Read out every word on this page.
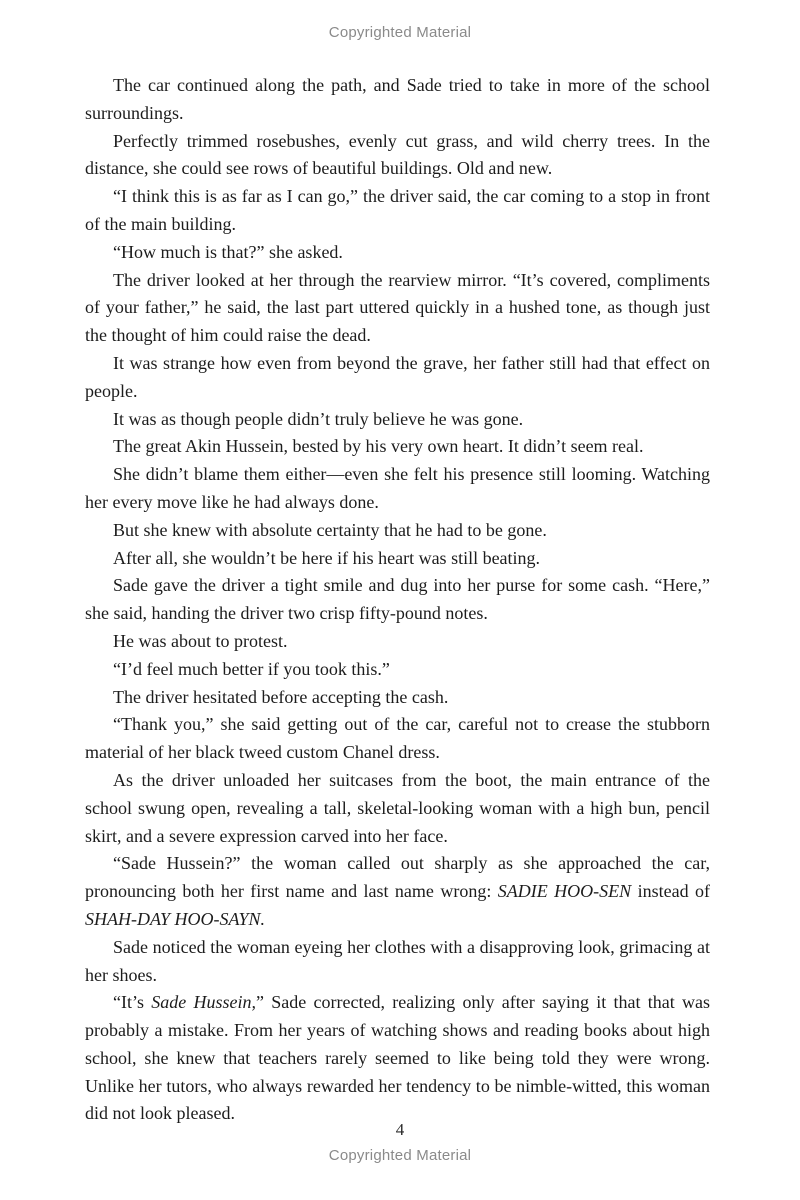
Copyrighted Material

The car continued along the path, and Sade tried to take in more of the school surroundings.

Perfectly trimmed rosebushes, evenly cut grass, and wild cherry trees. In the distance, she could see rows of beautiful buildings. Old and new.

“I think this is as far as I can go,” the driver said, the car coming to a stop in front of the main building.

“How much is that?” she asked.

The driver looked at her through the rearview mirror. “It’s covered, compliments of your father,” he said, the last part uttered quickly in a hushed tone, as though just the thought of him could raise the dead.

It was strange how even from beyond the grave, her father still had that effect on people.

It was as though people didn’t truly believe he was gone.

The great Akin Hussein, bested by his very own heart. It didn’t seem real.

She didn’t blame them either—even she felt his presence still looming. Watching her every move like he had always done.

But she knew with absolute certainty that he had to be gone.

After all, she wouldn’t be here if his heart was still beating.

Sade gave the driver a tight smile and dug into her purse for some cash. “Here,” she said, handing the driver two crisp fifty-pound notes.

He was about to protest.

“I’d feel much better if you took this.”

The driver hesitated before accepting the cash.

“Thank you,” she said getting out of the car, careful not to crease the stubborn material of her black tweed custom Chanel dress.

As the driver unloaded her suitcases from the boot, the main entrance of the school swung open, revealing a tall, skeletal-looking woman with a high bun, pencil skirt, and a severe expression carved into her face.

“Sade Hussein?” the woman called out sharply as she approached the car, pronouncing both her first name and last name wrong: SADIE HOO-SEN instead of SHAH-DAY HOO-SAYN.

Sade noticed the woman eyeing her clothes with a disapproving look, grimacing at her shoes.

“It’s Sade Hussein,” Sade corrected, realizing only after saying it that that was probably a mistake. From her years of watching shows and reading books about high school, she knew that teachers rarely seemed to like being told they were wrong. Unlike her tutors, who always rewarded her tendency to be nimble-witted, this woman did not look pleased.

4
Copyrighted Material
